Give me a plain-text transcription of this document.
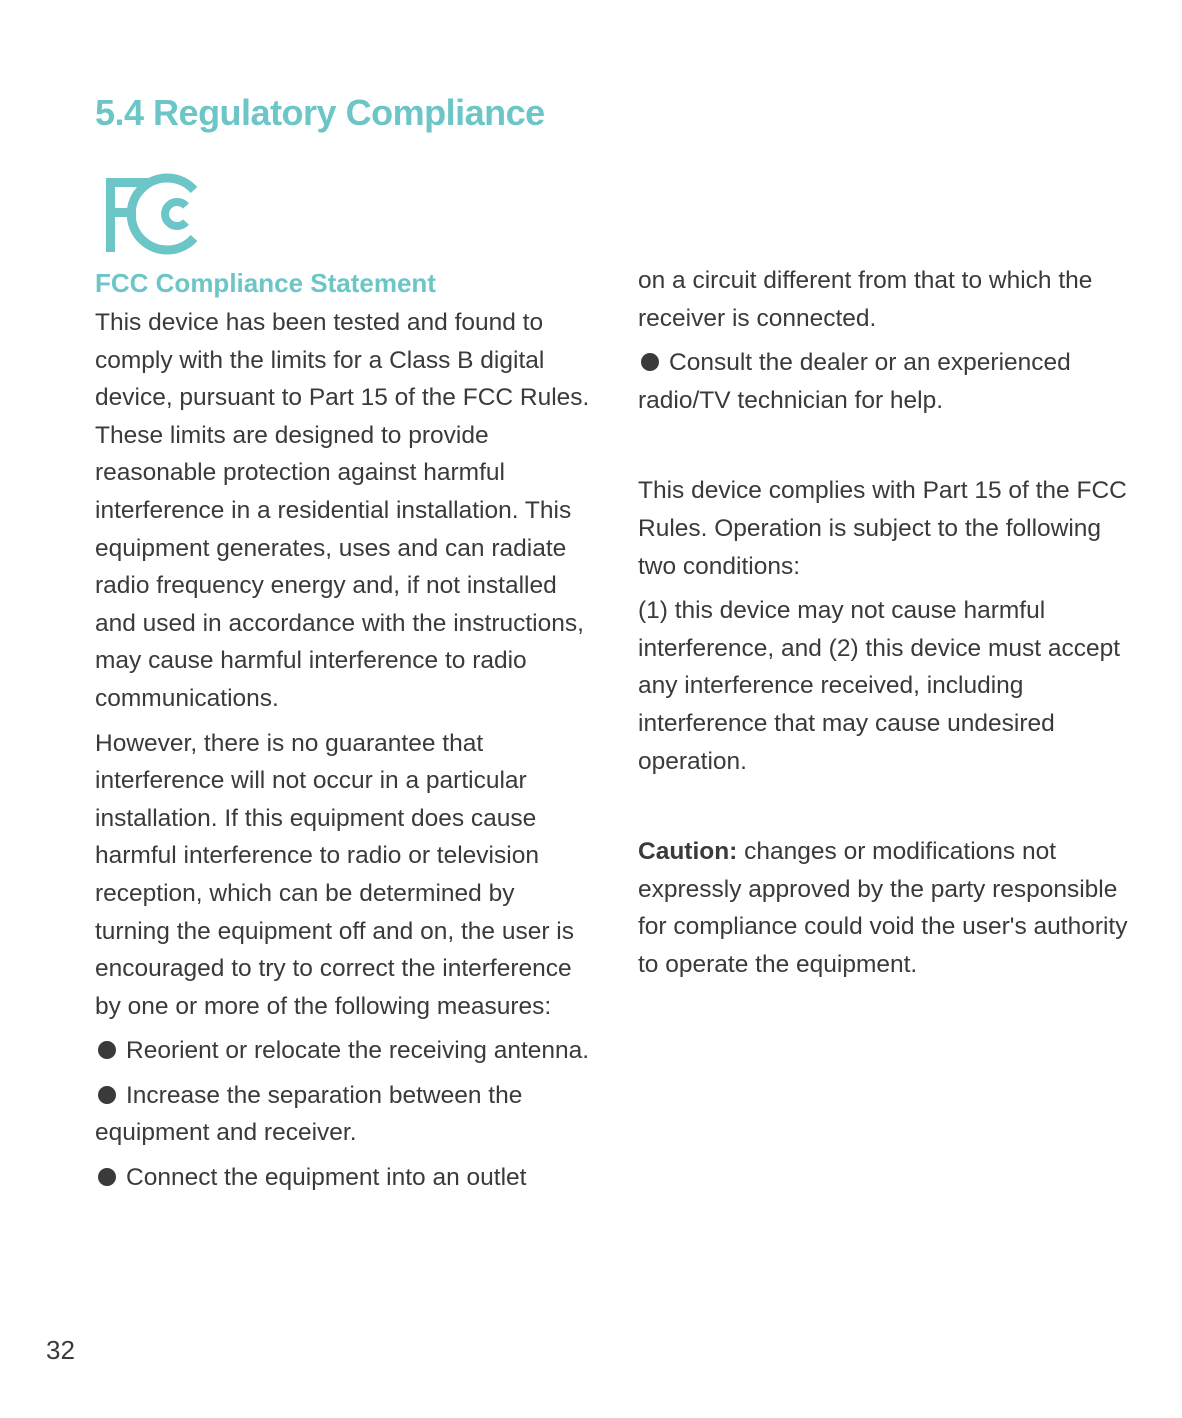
5.4 Regulatory Compliance
FCC Compliance Statement

This device has been tested and found to comply with the limits for a Class B digital device, pursuant to Part 15 of the FCC Rules. These limits are designed to provide reasonable protection against harmful interference in a residential installation. This equipment generates, uses and can radiate radio frequency energy and, if not installed and used in accordance with the instructions, may cause harmful interference to radio communications.

However, there is no guarantee that interference will not occur in a particular installation. If this equipment does cause harmful interference to radio or television reception, which can be determined by turning the equipment off and on, the user is encouraged to try to correct the interference by one or more of the following measures:

Reorient or relocate the receiving antenna.

Increase the separation between the equipment and receiver.

Connect the equipment into an outlet

on a circuit different from that to which the receiver is connected.

Consult the dealer or an experienced radio/TV technician for help.

This device complies with Part 15 of the FCC Rules. Operation is subject to the following two conditions:

(1) this device may not cause harmful interference, and (2) this device must accept any interference received, including interference that may cause undesired operation.

Caution: changes or modifications not expressly approved by the party responsible for compliance could void the user's authority to operate the equipment.

32
